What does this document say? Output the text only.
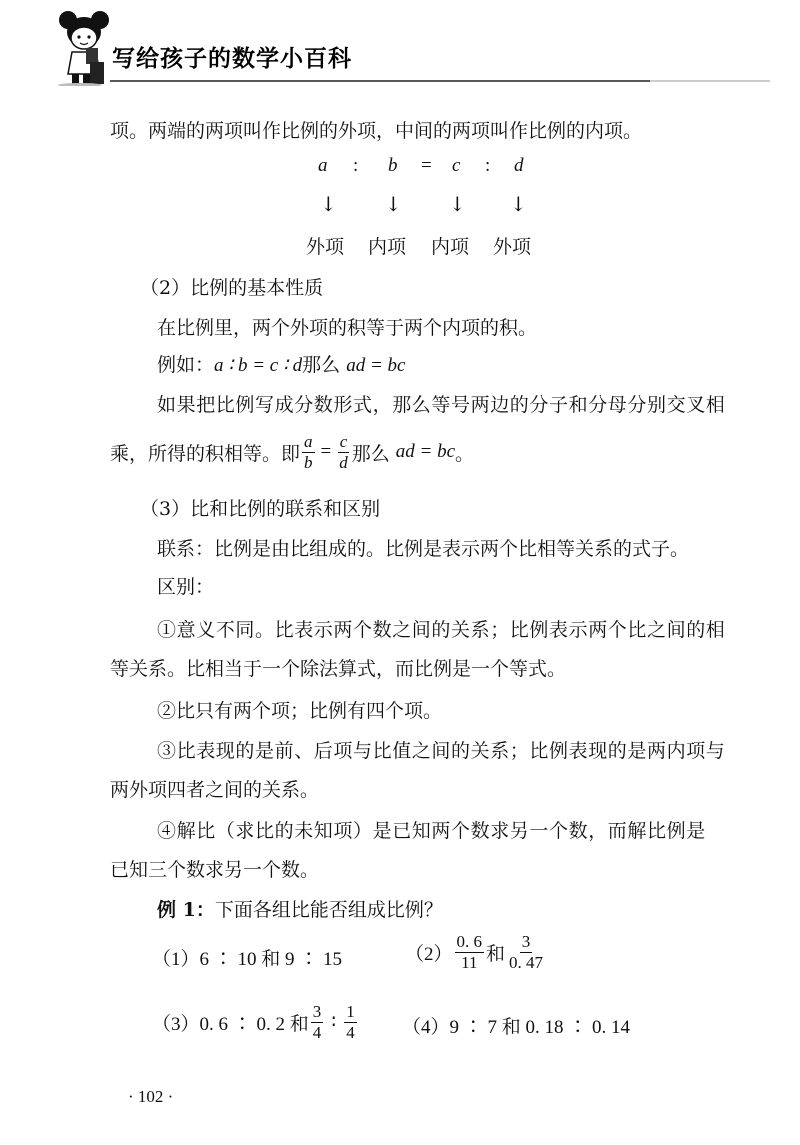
写给孩子的数学小百科
项。两端的两项叫作比例的外项，中间的两项叫作比例的内项。
a : b = c : d
↓ ↓ ↓ ↓
外项 内项 内项 外项
（2）比例的基本性质
在比例里，两个外项的积等于两个内项的积。
例如：a ∶ b = c ∶ d那么 ad = bc
如果把比例写成分数形式，那么等号两边的分子和分母分别交叉相
乘，所得的积相等。即 $\frac{a}{b} = \frac{c}{d}$ 那么 ad = bc 。
（3）比和比例的联系和区别
联系：比例是由比组成的。比例是表示两个比相等关系的式子。
区别：
①意义不同。比表示两个数之间的关系；比例表示两个比之间的相
等关系。比相当于一个除法算式，而比例是一个等式。
②比只有两个项；比例有四个项。
③比表现的是前、后项与比值之间的关系；比例表现的是两内项与
两外项四者之间的关系。
④解比（求比的未知项）是已知两个数求另一个数，而解比例是
已知三个数求另一个数。
例 1：下面各组比能否组成比例？
（1）6 ∶ 10 和 9 ∶ 15	$(2) \frac{0. 6}{11}$ 和 $\frac{3}{0. 47}$
（3）0. 6 ∶ 0. 2 和 $\frac{3}{4}$ ∶ $\frac{1}{4} (4)9$ ∶ 7 和 0. 18 ∶ 0. 14
· 102 ·
